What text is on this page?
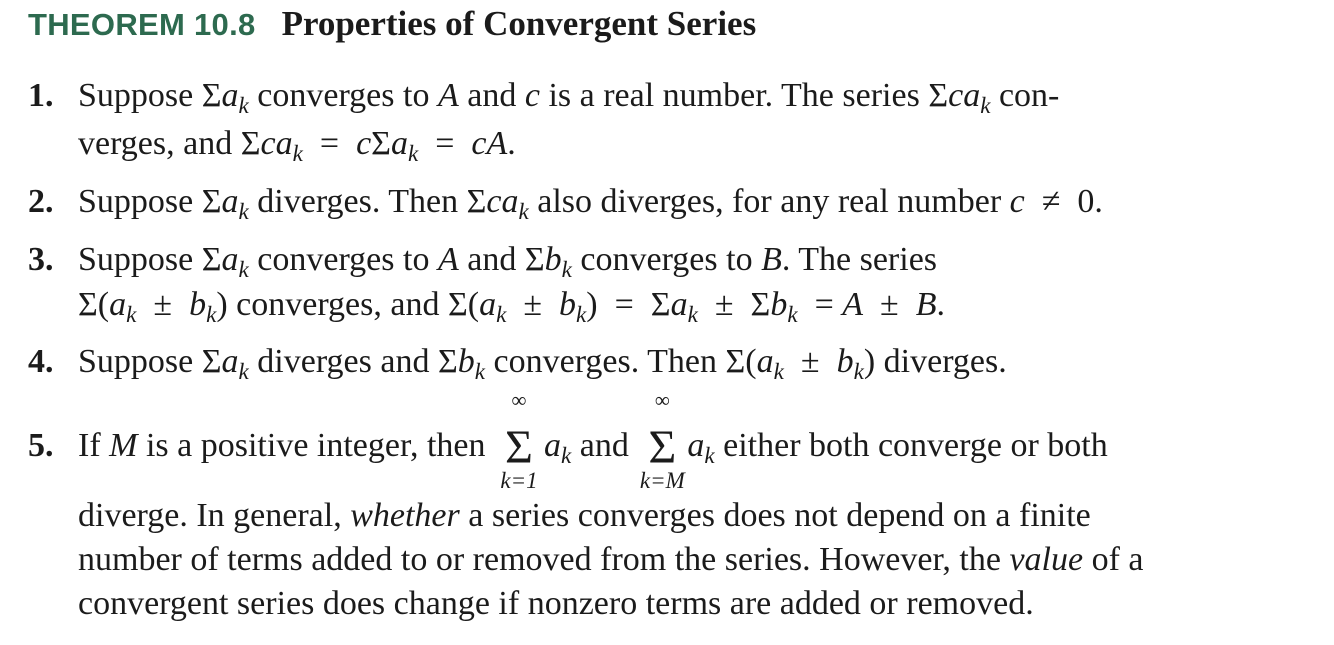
THEOREM 10.8 Properties of Convergent Series
1. Suppose $\Sigma a_k$ converges to A and c is a real number. The series Σca$_k$ con-
verges, and Σca$_k$  =  cΣa$_k$  =  cA.
2. Suppose $\Sigma a_k$ diverges. Then Σca$_k$ also diverges, for any real number c  ≠  0.
3. Suppose $\Sigma a_k$ converges to A and $\Sigma b_k$ converges to B. The series
$\Sigma(a_k \pm b_k)$ converges, and $\Sigma(a_k \pm b_k) = \Sigma a_k \pm \Sigma b_k = A \pm B$.
4. Suppose $\Sigma a_k$ diverges and $\Sigma b_k$ converges. Then $\Sigma(a_k \pm b_k)$ diverges.
5. If M is a positive integer, then
∞
Σ
k=1
$a_k$ and
∞
Σ
k=M
$a_k$ either both converge or both
diverge. In general, whether a series converges does not depend on a finite
number of terms added to or removed from the series. However, the value of a
convergent series does change if nonzero terms are added or removed.
